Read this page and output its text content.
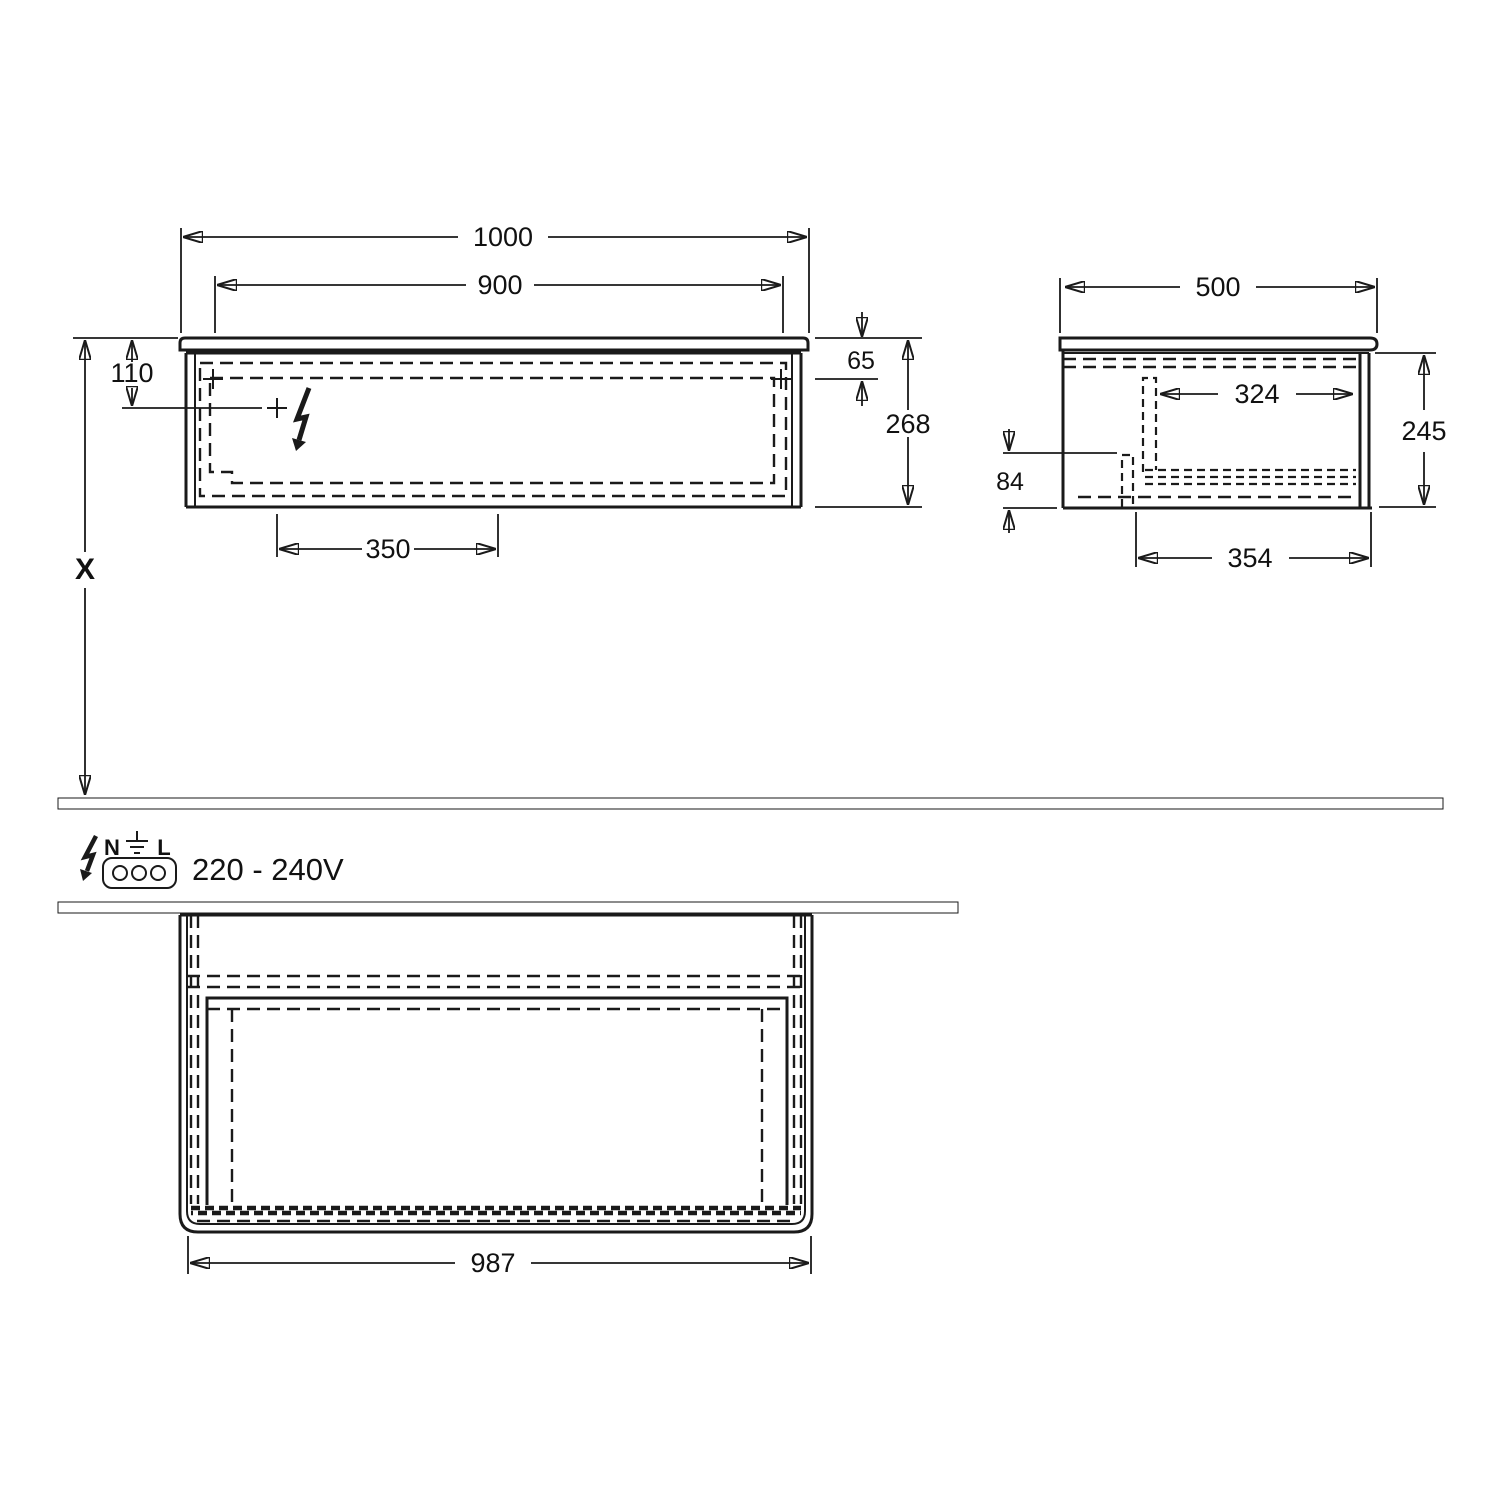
1000
900
110
X
65
268
350
500
324
84
245
354
N L
220 - 240V
987
